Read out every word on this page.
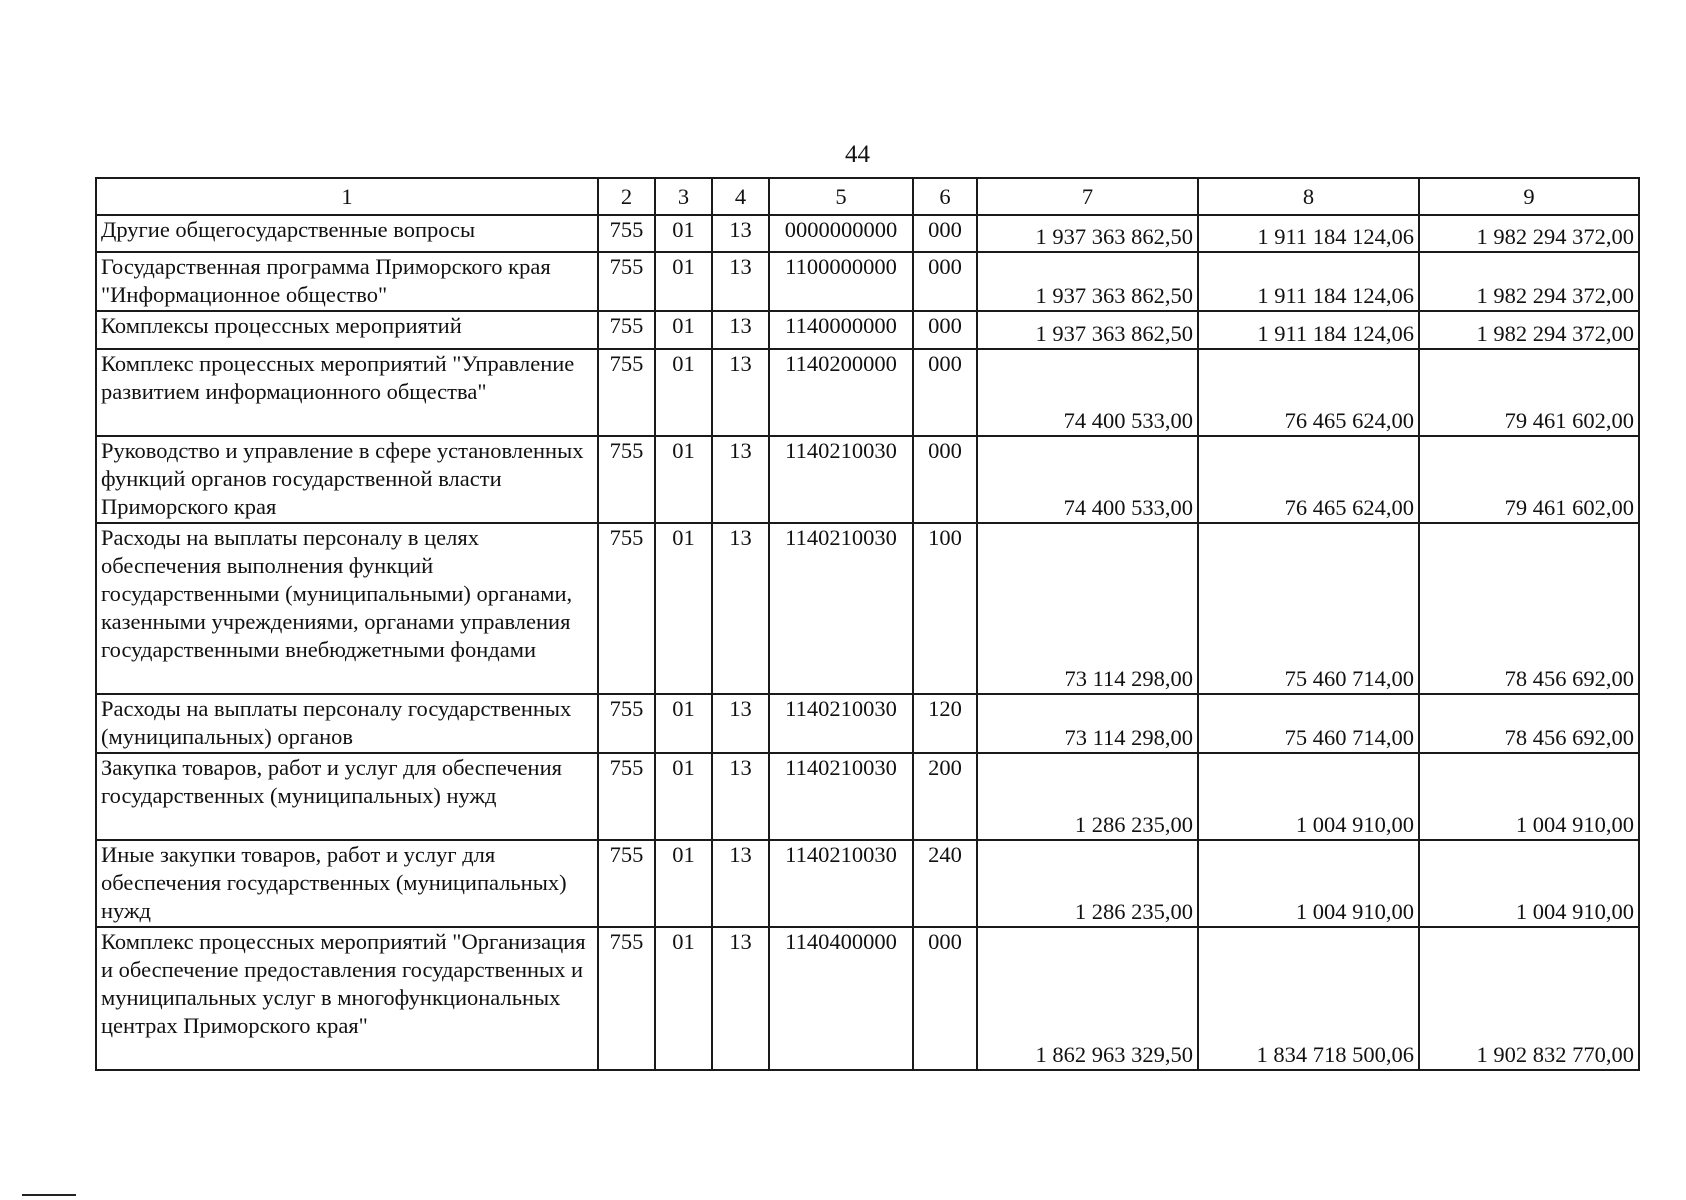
44
1	2	3	4	5	6	7	8	9
Другие общегосударственные вопросы	755	01	13	0000000000	000	1 937 363 862,50	1 911 184 124,06	1 982 294 372,00
Государственная программа Приморского края "Информационное общество"	755	01	13	1100000000	000	1 937 363 862,50	1 911 184 124,06	1 982 294 372,00
Комплексы процессных мероприятий	755	01	13	1140000000	000	1 937 363 862,50	1 911 184 124,06	1 982 294 372,00
Комплекс процессных мероприятий "Управление развитием информационного общества"	755	01	13	1140200000	000	74 400 533,00	76 465 624,00	79 461 602,00
Руководство и управление в сфере установленных функций органов государственной власти Приморского края	755	01	13	1140210030	000	74 400 533,00	76 465 624,00	79 461 602,00
Расходы на выплаты персоналу в целях обеспечения выполнения функций государственными (муниципальными) органами, казенными учреждениями, органами управления государственными внебюджетными фондами	755	01	13	1140210030	100	73 114 298,00	75 460 714,00	78 456 692,00
Расходы на выплаты персоналу государственных (муниципальных) органов	755	01	13	1140210030	120	73 114 298,00	75 460 714,00	78 456 692,00
Закупка товаров, работ и услуг для обеспечения государственных (муниципальных) нужд	755	01	13	1140210030	200	1 286 235,00	1 004 910,00	1 004 910,00
Иные закупки товаров, работ и услуг для обеспечения государственных (муниципальных) нужд	755	01	13	1140210030	240	1 286 235,00	1 004 910,00	1 004 910,00
Комплекс процессных мероприятий "Организация и обеспечение предоставления государственных и муниципальных услуг в многофункциональных центрах Приморского края"	755	01	13	1140400000	000	1 862 963 329,50	1 834 718 500,06	1 902 832 770,00
